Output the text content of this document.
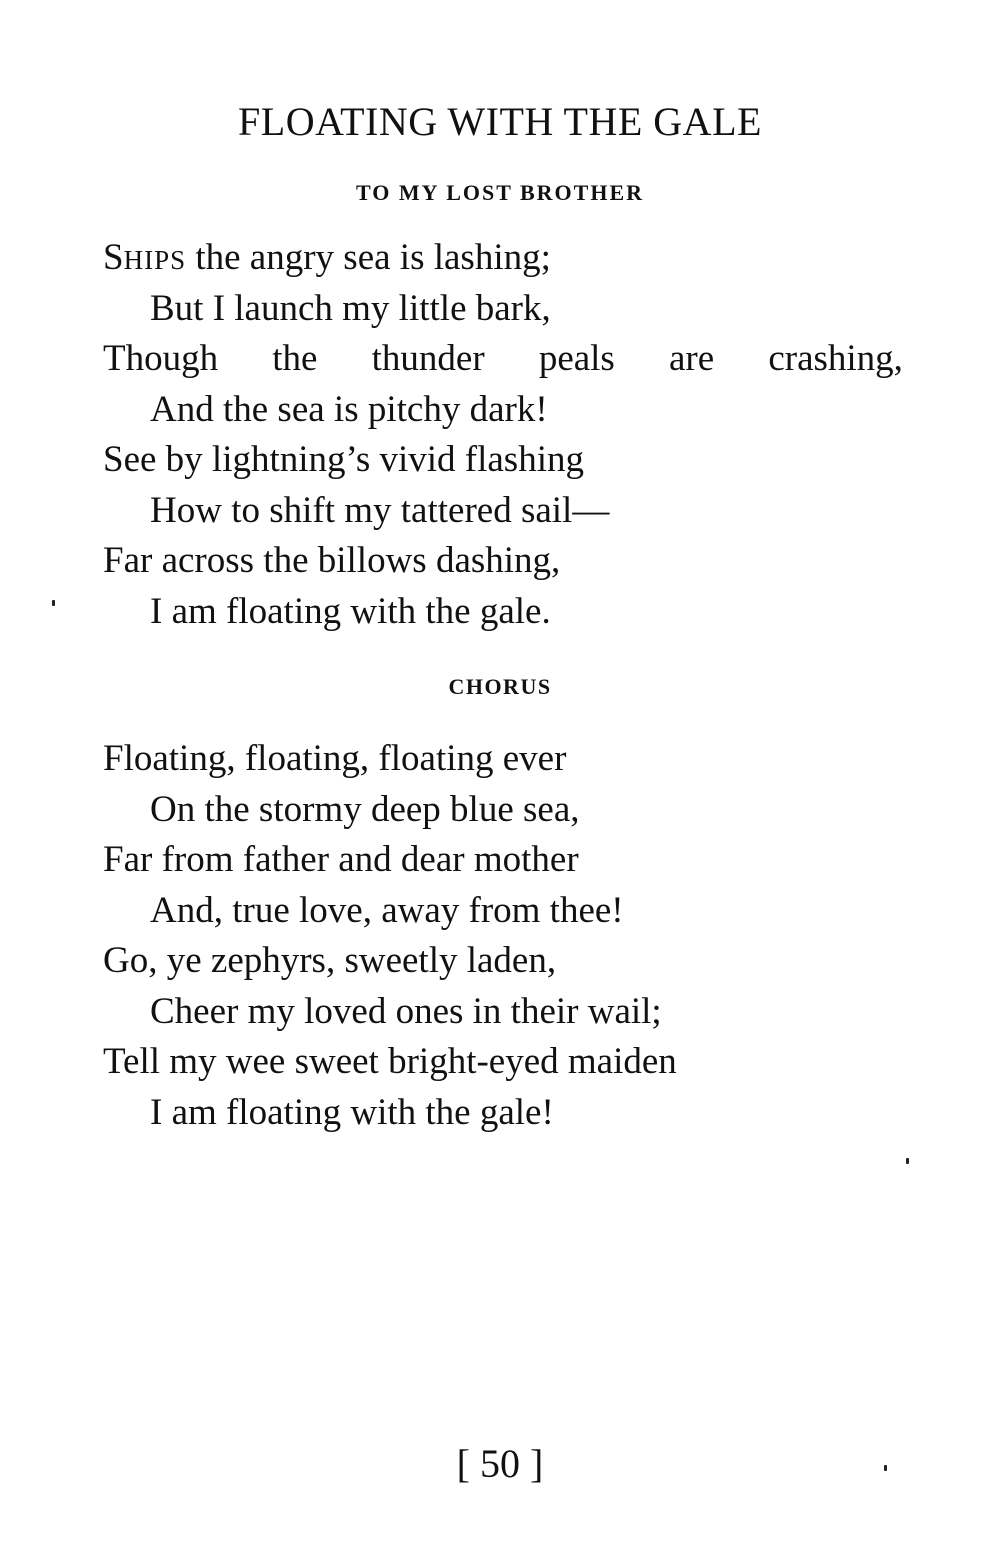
FLOATING WITH THE GALE
TO MY LOST BROTHER
SHIPS the angry sea is lashing;
But I launch my little bark,
Though the thunder peals are crashing,
And the sea is pitchy dark!
See by lightning’s vivid flashing
How to shift my tattered sail—
Far across the billows dashing,
I am floating with the gale.
CHORUS
Floating, floating, floating ever
On the stormy deep blue sea,
Far from father and dear mother
And, true love, away from thee!
Go, ye zephyrs, sweetly laden,
Cheer my loved ones in their wail;
Tell my wee sweet bright-eyed maiden
I am floating with the gale!
[ 50 ]
